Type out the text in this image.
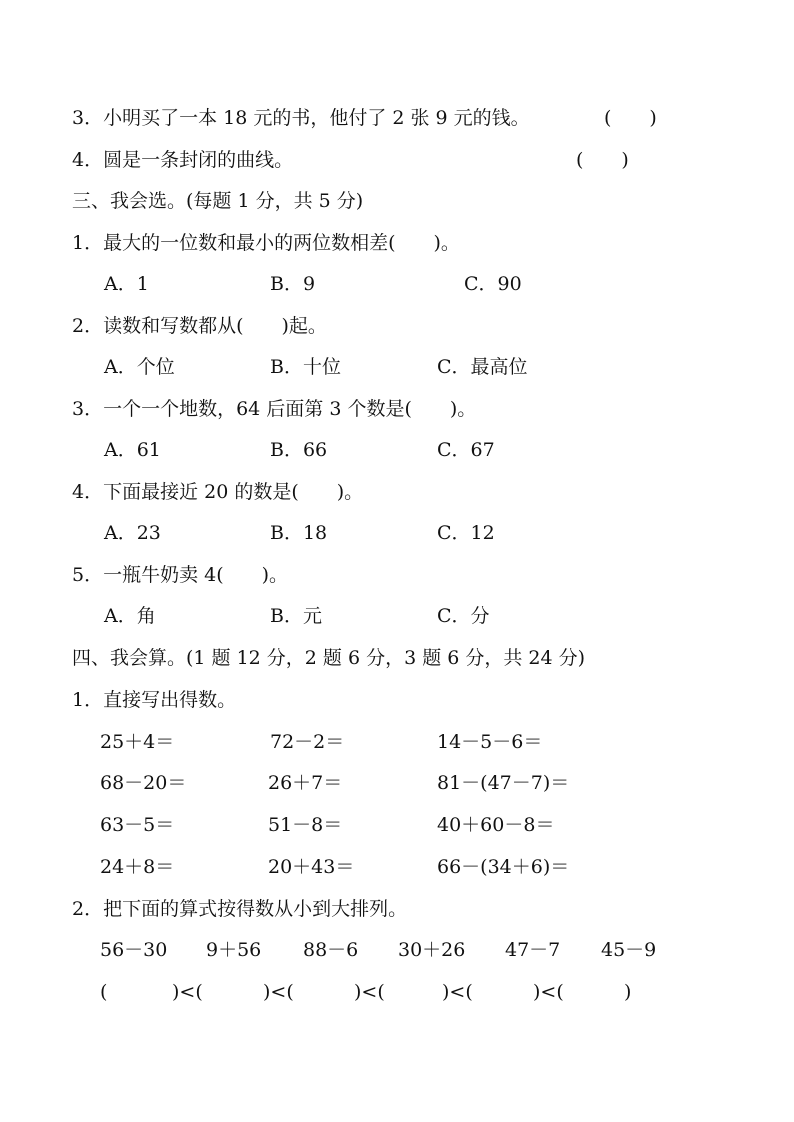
3．小明买了一本 18 元的书，他付了 2 张 9 元的钱。	(　　)
4．圆是一条封闭的曲线。	(　　)
三、我会选。(每题 1 分，共 5 分)
1．最大的一位数和最小的两位数相差(　　)。
A．1	B．9	C．90
2．读数和写数都从(　　)起。
A．个位	B．十位	C．最高位
3．一个一个地数，64 后面第 3 个数是(　　)。
A．61	B．66	C．67
4．下面最接近 20 的数是(　　)。
A．23	B．18	C．12
5．一瓶牛奶卖 4(　　)。
A．角	B．元	C．分
四、我会算。(1 题 12 分，2 题 6 分，3 题 6 分，共 24 分)
1．直接写出得数。
25＋4＝	72－2＝	14－5－6＝
68－20＝	26＋7＝	81－(47－7)＝
63－5＝	51－8＝	40＋60－8＝
24＋8＝	20＋43＝	66－(34＋6)＝
2．把下面的算式按得数从小到大排列。
56－30 9＋56 88－6 30＋26 47－7 45－9
(	)<(	)<(	)<(	)<(	)<(	)
